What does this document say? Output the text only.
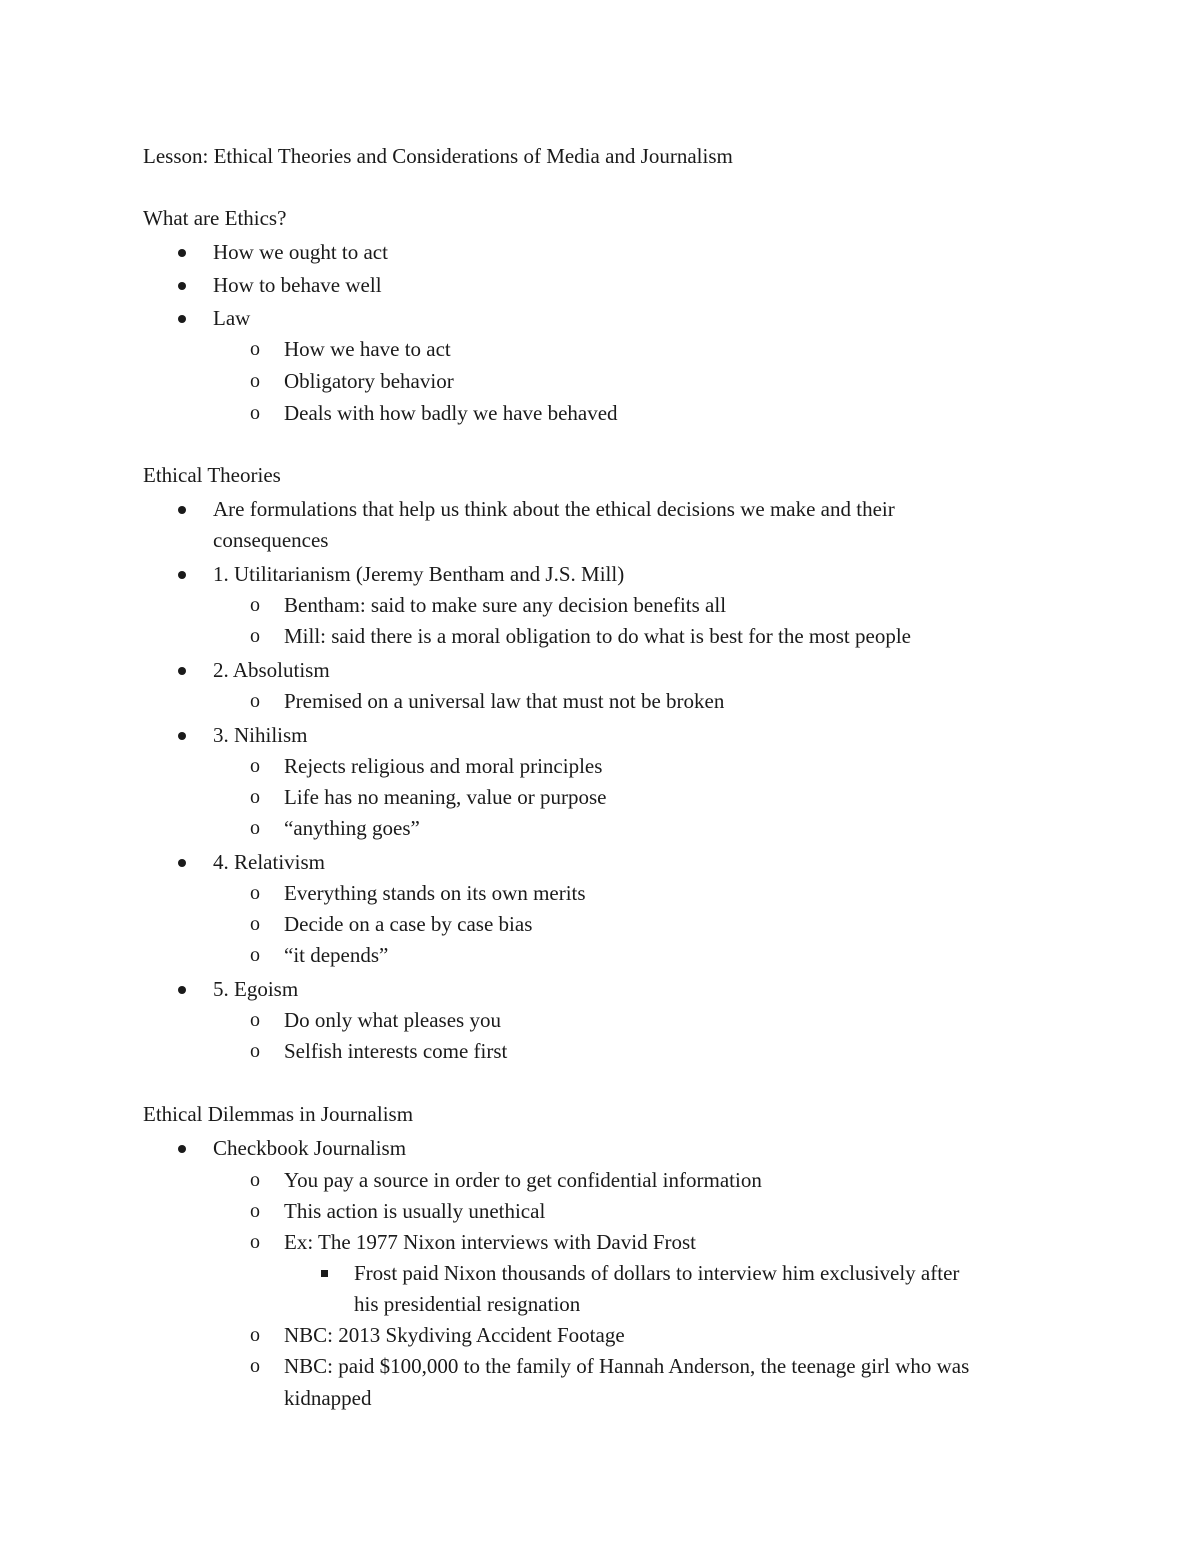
Lesson: Ethical Theories and Considerations of Media and Journalism
What are Ethics?
How we ought to act
How to behave well
Law
o How we have to act
o Obligatory behavior
o Deals with how badly we have behaved
Ethical Theories
Are formulations that help us think about the ethical decisions we make and their
consequences
1. Utilitarianism (Jeremy Bentham and J.S. Mill)
o Bentham: said to make sure any decision benefits all
o Mill: said there is a moral obligation to do what is best for the most people
2. Absolutism
o Premised on a universal law that must not be broken
3. Nihilism
o Rejects religious and moral principles
o Life has no meaning, value or purpose
o “anything goes”
4. Relativism
o Everything stands on its own merits
o Decide on a case by case bias
o “it depends”
5. Egoism
o Do only what pleases you
o Selfish interests come first
Ethical Dilemmas in Journalism
Checkbook Journalism
o You pay a source in order to get confidential information
o This action is usually unethical
o Ex: The 1977 Nixon interviews with David Frost
Frost paid Nixon thousands of dollars to interview him exclusively after
his presidential resignation
o NBC: 2013 Skydiving Accident Footage
o NBC: paid $100,000 to the family of Hannah Anderson, the teenage girl who was
kidnapped
